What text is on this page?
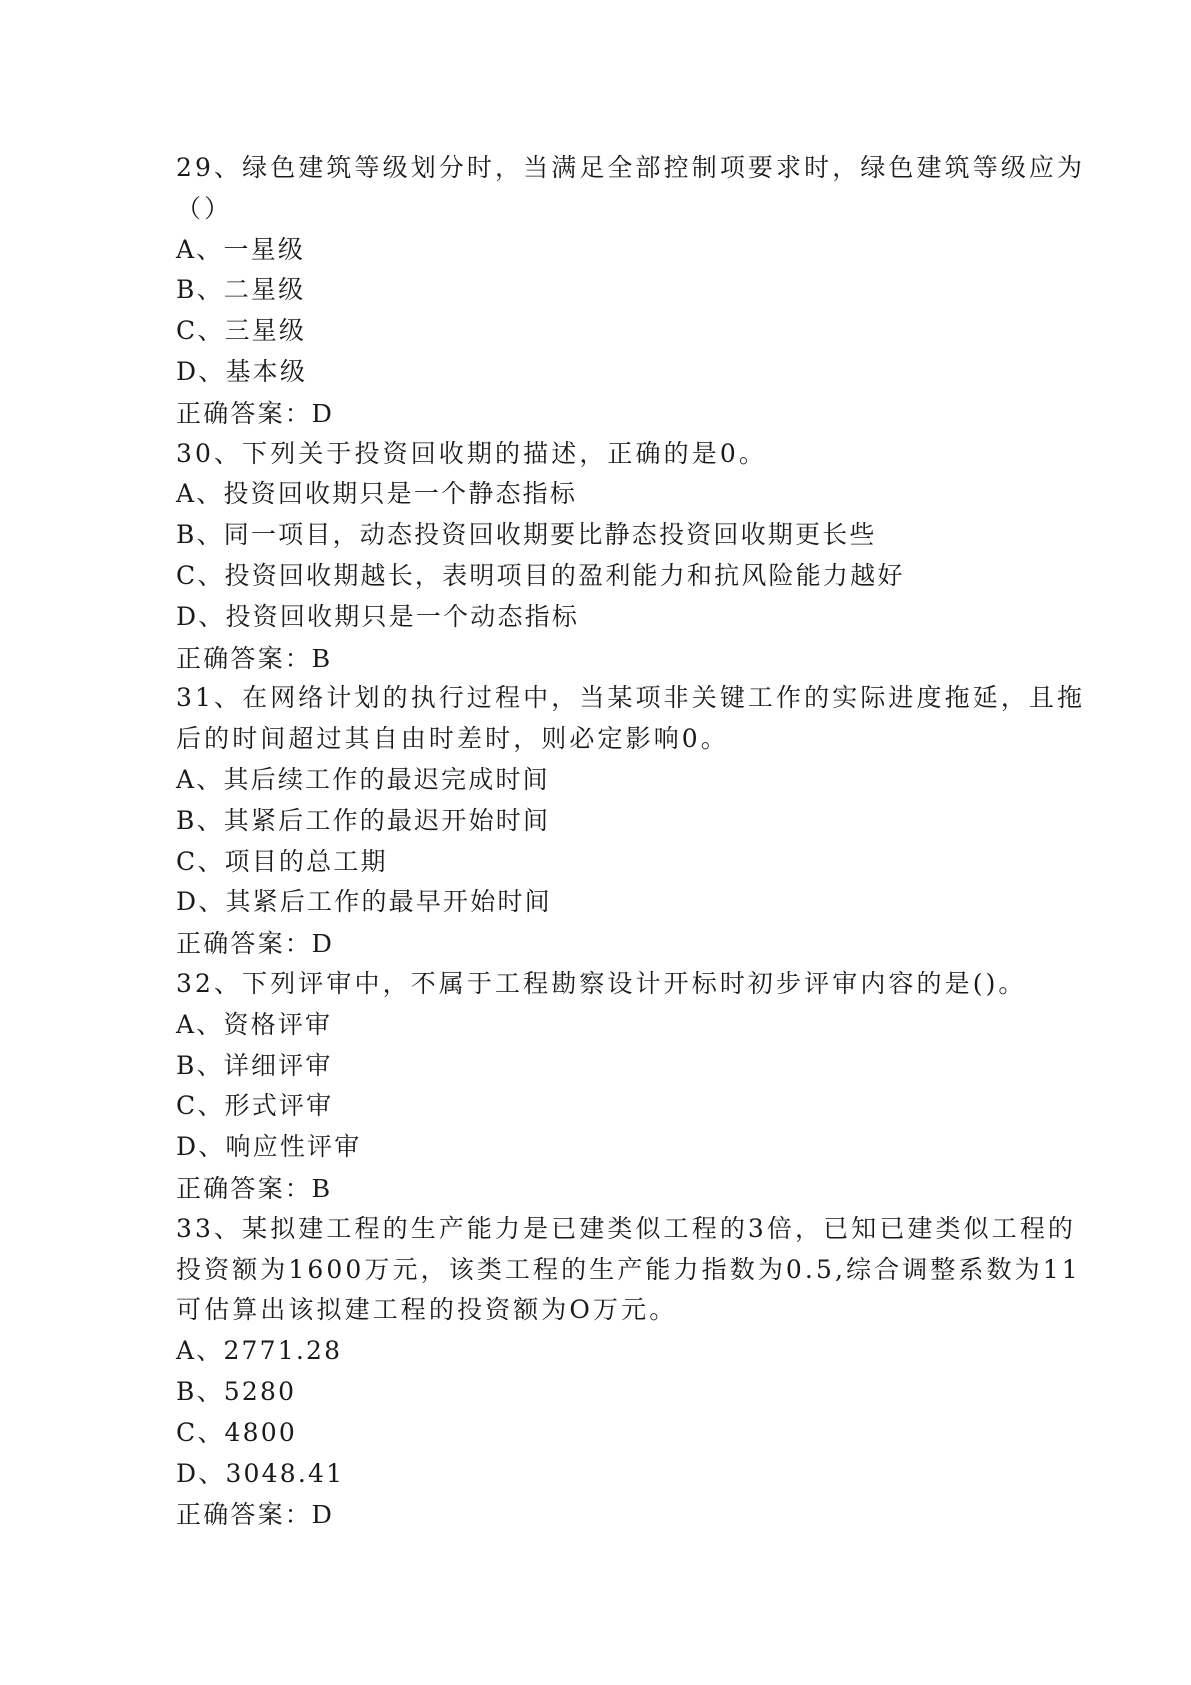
29、绿色建筑等级划分时，当满足全部控制项要求时，绿色建筑等级应为
（）
A、一星级
B、二星级
C、三星级
D、基本级
正确答案：D
30、下列关于投资回收期的描述，正确的是0。
A、投资回收期只是一个静态指标
B、同一项目，动态投资回收期要比静态投资回收期更长些
C、投资回收期越长，表明项目的盈利能力和抗风险能力越好
D、投资回收期只是一个动态指标
正确答案：B
31、在网络计划的执行过程中，当某项非关键工作的实际进度拖延，且拖
后的时间超过其自由时差时，则必定影响0。
A、其后续工作的最迟完成时间
B、其紧后工作的最迟开始时间
C、项目的总工期
D、其紧后工作的最早开始时间
正确答案：D
32、下列评审中，不属于工程勘察设计开标时初步评审内容的是()。
A、资格评审
B、详细评审
C、形式评审
D、响应性评审
正确答案：B
33、某拟建工程的生产能力是已建类似工程的3倍，已知已建类似工程的
投资额为1600万元，该类工程的生产能力指数为0.5,综合调整系数为11
可估算出该拟建工程的投资额为O万元。
A、2771.28
B、5280
C、4800
D、3048.41
正确答案：D
